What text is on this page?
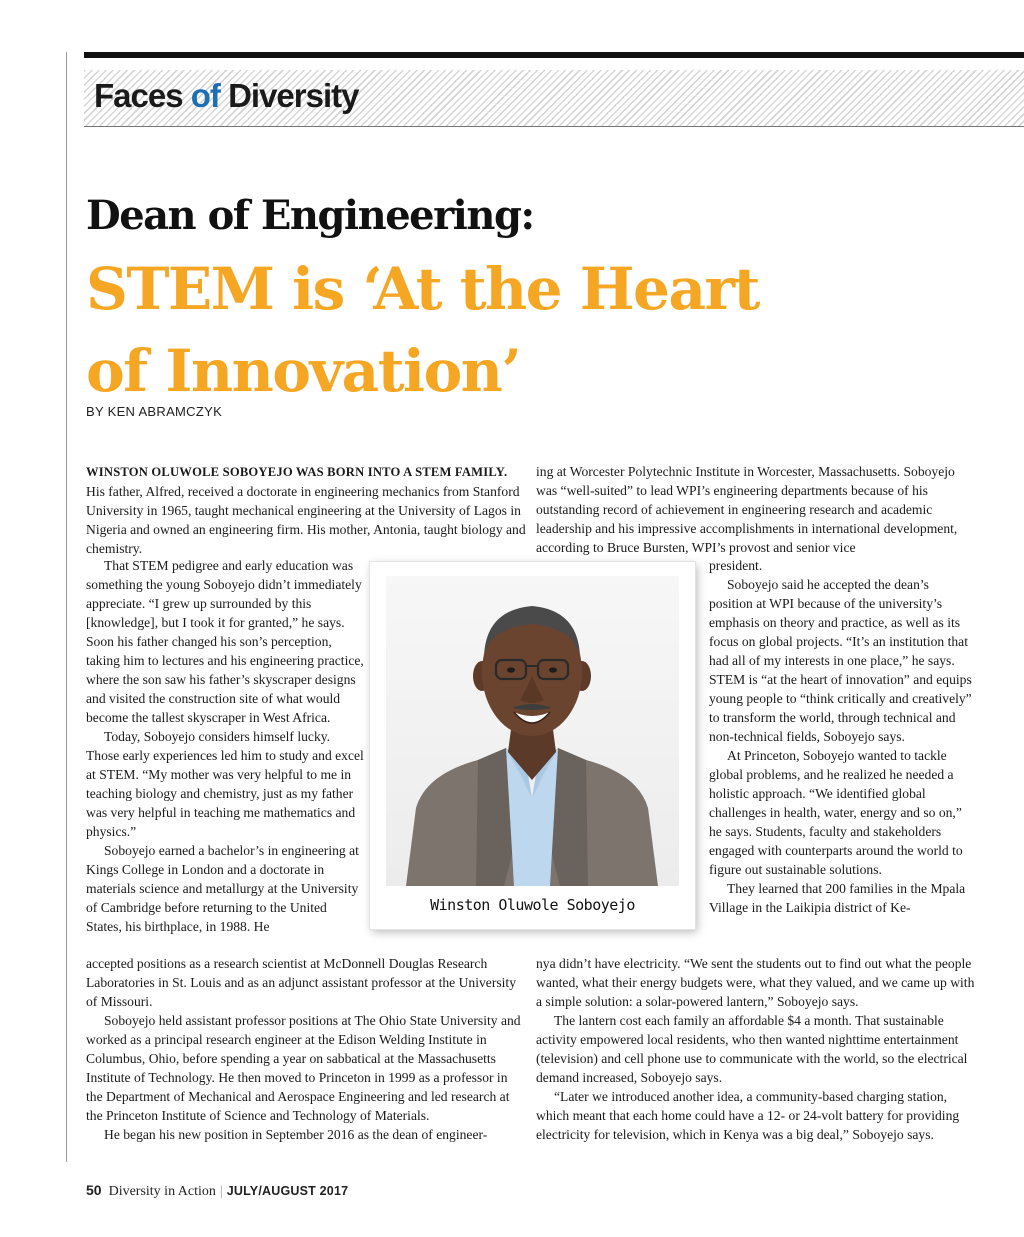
Faces of Diversity
Dean of Engineering:
STEM is ‘At the Heart
of Innovation’

BY KEN ABRAMCZYK

WINSTON OLUWOLE SOBOYEJO WAS BORN INTO A STEM FAMILY. His father, Alfred, received a doctorate in engineering mechanics from Stanford University in 1965, taught mechanical engineering at the University of Lagos in Nigeria and owned an engineering firm. His mother, Antonia, taught biology and chemistry.

That STEM pedigree and early education was something the young Soboyejo didn’t immediately appreciate. “I grew up surrounded by this [knowledge], but I took it for granted,” he says. Soon his father changed his son’s perception, taking him to lectures and his engineering practice, where the son saw his father’s skyscraper designs and visited the construction site of what would become the tallest skyscraper in West Africa.

Today, Soboyejo considers himself lucky. Those early experiences led him to study and excel at STEM. “My mother was very helpful to me in teaching biology and chemistry, just as my father was very helpful in teaching me mathematics and physics.”

Soboyejo earned a bachelor’s in engineering at Kings College in London and a doctorate in materials science and metallurgy at the University of Cambridge before returning to the United States, his birthplace, in 1988. He

accepted positions as a research scientist at McDonnell Douglas Research Laboratories in St. Louis and as an adjunct assistant professor at the University of Missouri.

Soboyejo held assistant professor positions at The Ohio State University and worked as a principal research engineer at the Edison Welding Institute in Columbus, Ohio, before spending a year on sabbatical at the Massachusetts Institute of Technology. He then moved to Princeton in 1999 as a professor in the Department of Mechanical and Aerospace Engineering and led research at the Princeton Institute of Science and Technology of Materials.

He began his new position in September 2016 as the dean of engineer-

ing at Worcester Polytechnic Institute in Worcester, Massachusetts. Soboyejo was “well-suited” to lead WPI’s engineering departments because of his outstanding record of achievement in engineering research and academic leadership and his impressive accomplishments in international development, according to Bruce Bursten, WPI’s provost and senior vice

president.

Soboyejo said he accepted the dean’s position at WPI because of the university’s emphasis on theory and practice, as well as its focus on global projects. “It’s an institution that had all of my interests in one place,” he says. STEM is “at the heart of innovation” and equips young people to “think critically and creatively” to transform the world, through technical and non-technical fields, Soboyejo says.

At Princeton, Soboyejo wanted to tackle global problems, and he realized he needed a holistic approach. “We identified global challenges in health, water, energy and so on,” he says. Students, faculty and stakeholders engaged with counterparts around the world to figure out sustainable solutions.

They learned that 200 families in the Mpala Village in the Laikipia district of Ke-

nya didn’t have electricity. “We sent the students out to find out what the people wanted, what their energy budgets were, what they valued, and we came up with a simple solution: a solar-powered lantern,” Soboyejo says.

The lantern cost each family an affordable $4 a month. That sustainable activity empowered local residents, who then wanted nighttime entertainment (television) and cell phone use to communicate with the world, so the electrical demand increased, Soboyejo says.

“Later we introduced another idea, a community-based charging station, which meant that each home could have a 12- or 24-volt battery for providing electricity for television, which in Kenya was a big deal,” Soboyejo says.

Winston Oluwole Soboyejo

50 Diversity in Action | JULY/AUGUST 2017
